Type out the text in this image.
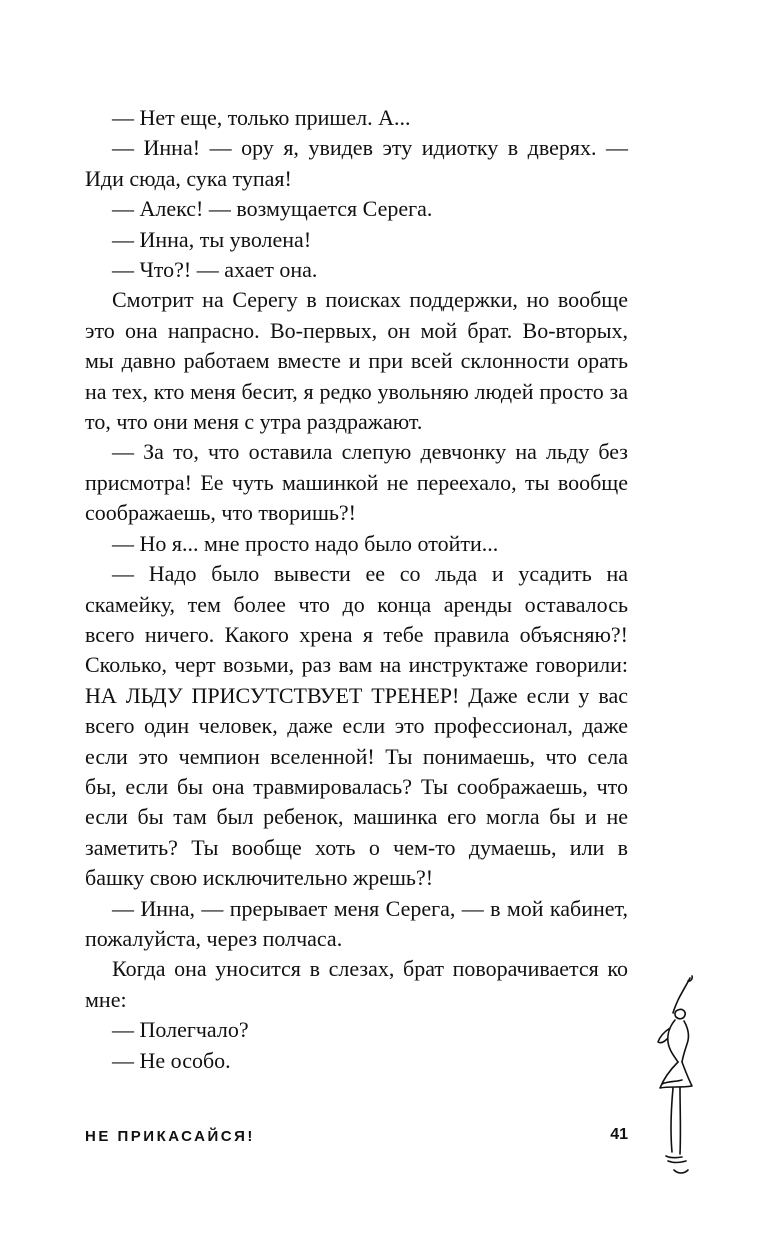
— Нет еще, только пришел. А...

— Инна! — ору я, увидев эту идиотку в дверях. — Иди сюда, сука тупая!

— Алекс! — возмущается Серега.

— Инна, ты уволена!

— Что?! — ахает она.

Смотрит на Серегу в поисках поддержки, но вообще это она напрасно. Во-первых, он мой брат. Во-вторых, мы давно работаем вместе и при всей склонности орать на тех, кто меня бесит, я редко увольняю людей просто за то, что они меня с утра раздражают.

— За то, что оставила слепую девчонку на льду без присмотра! Ее чуть машинкой не переехало, ты вообще соображаешь, что творишь?!

— Но я... мне просто надо было отойти...

— Надо было вывести ее со льда и усадить на скамейку, тем более что до конца аренды оставалось всего ничего. Какого хрена я тебе правила объясняю?! Сколько, черт возьми, раз вам на инструктаже говорили: НА ЛЬДУ ПРИСУТСТВУЕТ ТРЕНЕР! Даже если у вас всего один человек, даже если это профессионал, даже если это чемпион вселенной! Ты понимаешь, что села бы, если бы она травмировалась? Ты соображаешь, что если бы там был ребенок, машинка его могла бы и не заметить? Ты вообще хоть о чем-то думаешь, или в башку свою исключительно жрешь?!

— Инна, — прерывает меня Серега, — в мой кабинет, пожалуйста, через полчаса.

Когда она уносится в слезах, брат поворачивается ко мне:

— Полегчало?

— Не особо.

НЕ ПРИКАСАЙСЯ!	41
